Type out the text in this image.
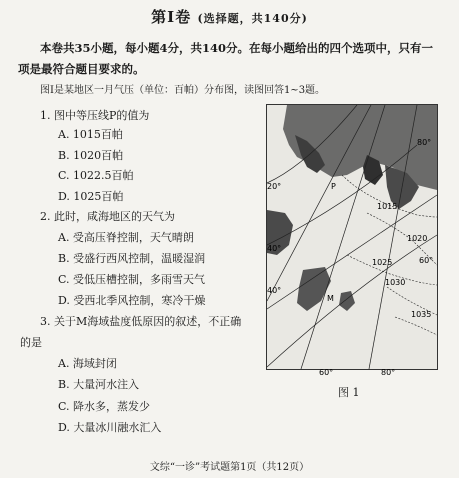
第Ⅰ卷 (选择题，共140分)
本卷共35小题，每小题4分，共140分。在每小题给出的四个选项中，只有一项是最符合题目要求的。
图Ⅰ是某地区一月气压（单位：百帕）分布图，读图回答1~3题。
1. 图中等压线P的值为
A. 1015百帕
B. 1020百帕
C. 1022.5百帕
D. 1025百帕
2. 此时，咸海地区的天气为
A. 受高压脊控制，天气晴朗
B. 受盛行西风控制，温暖湿润
C. 受低压槽控制，多雨雪天气
D. 受西北季风控制，寒冷干燥
3. 关于M海域盐度低原因的叙述，不正确
的是
A. 海域封闭
B. 大量河水注入
C. 降水多，蒸发少
D. 大量冰川融水汇入
80°
20°
40°
40°
60°
60°	80°
1015
1020
1025
1030
1035
P
M
图 1
文综“一诊”考试题第1页（共12页）
